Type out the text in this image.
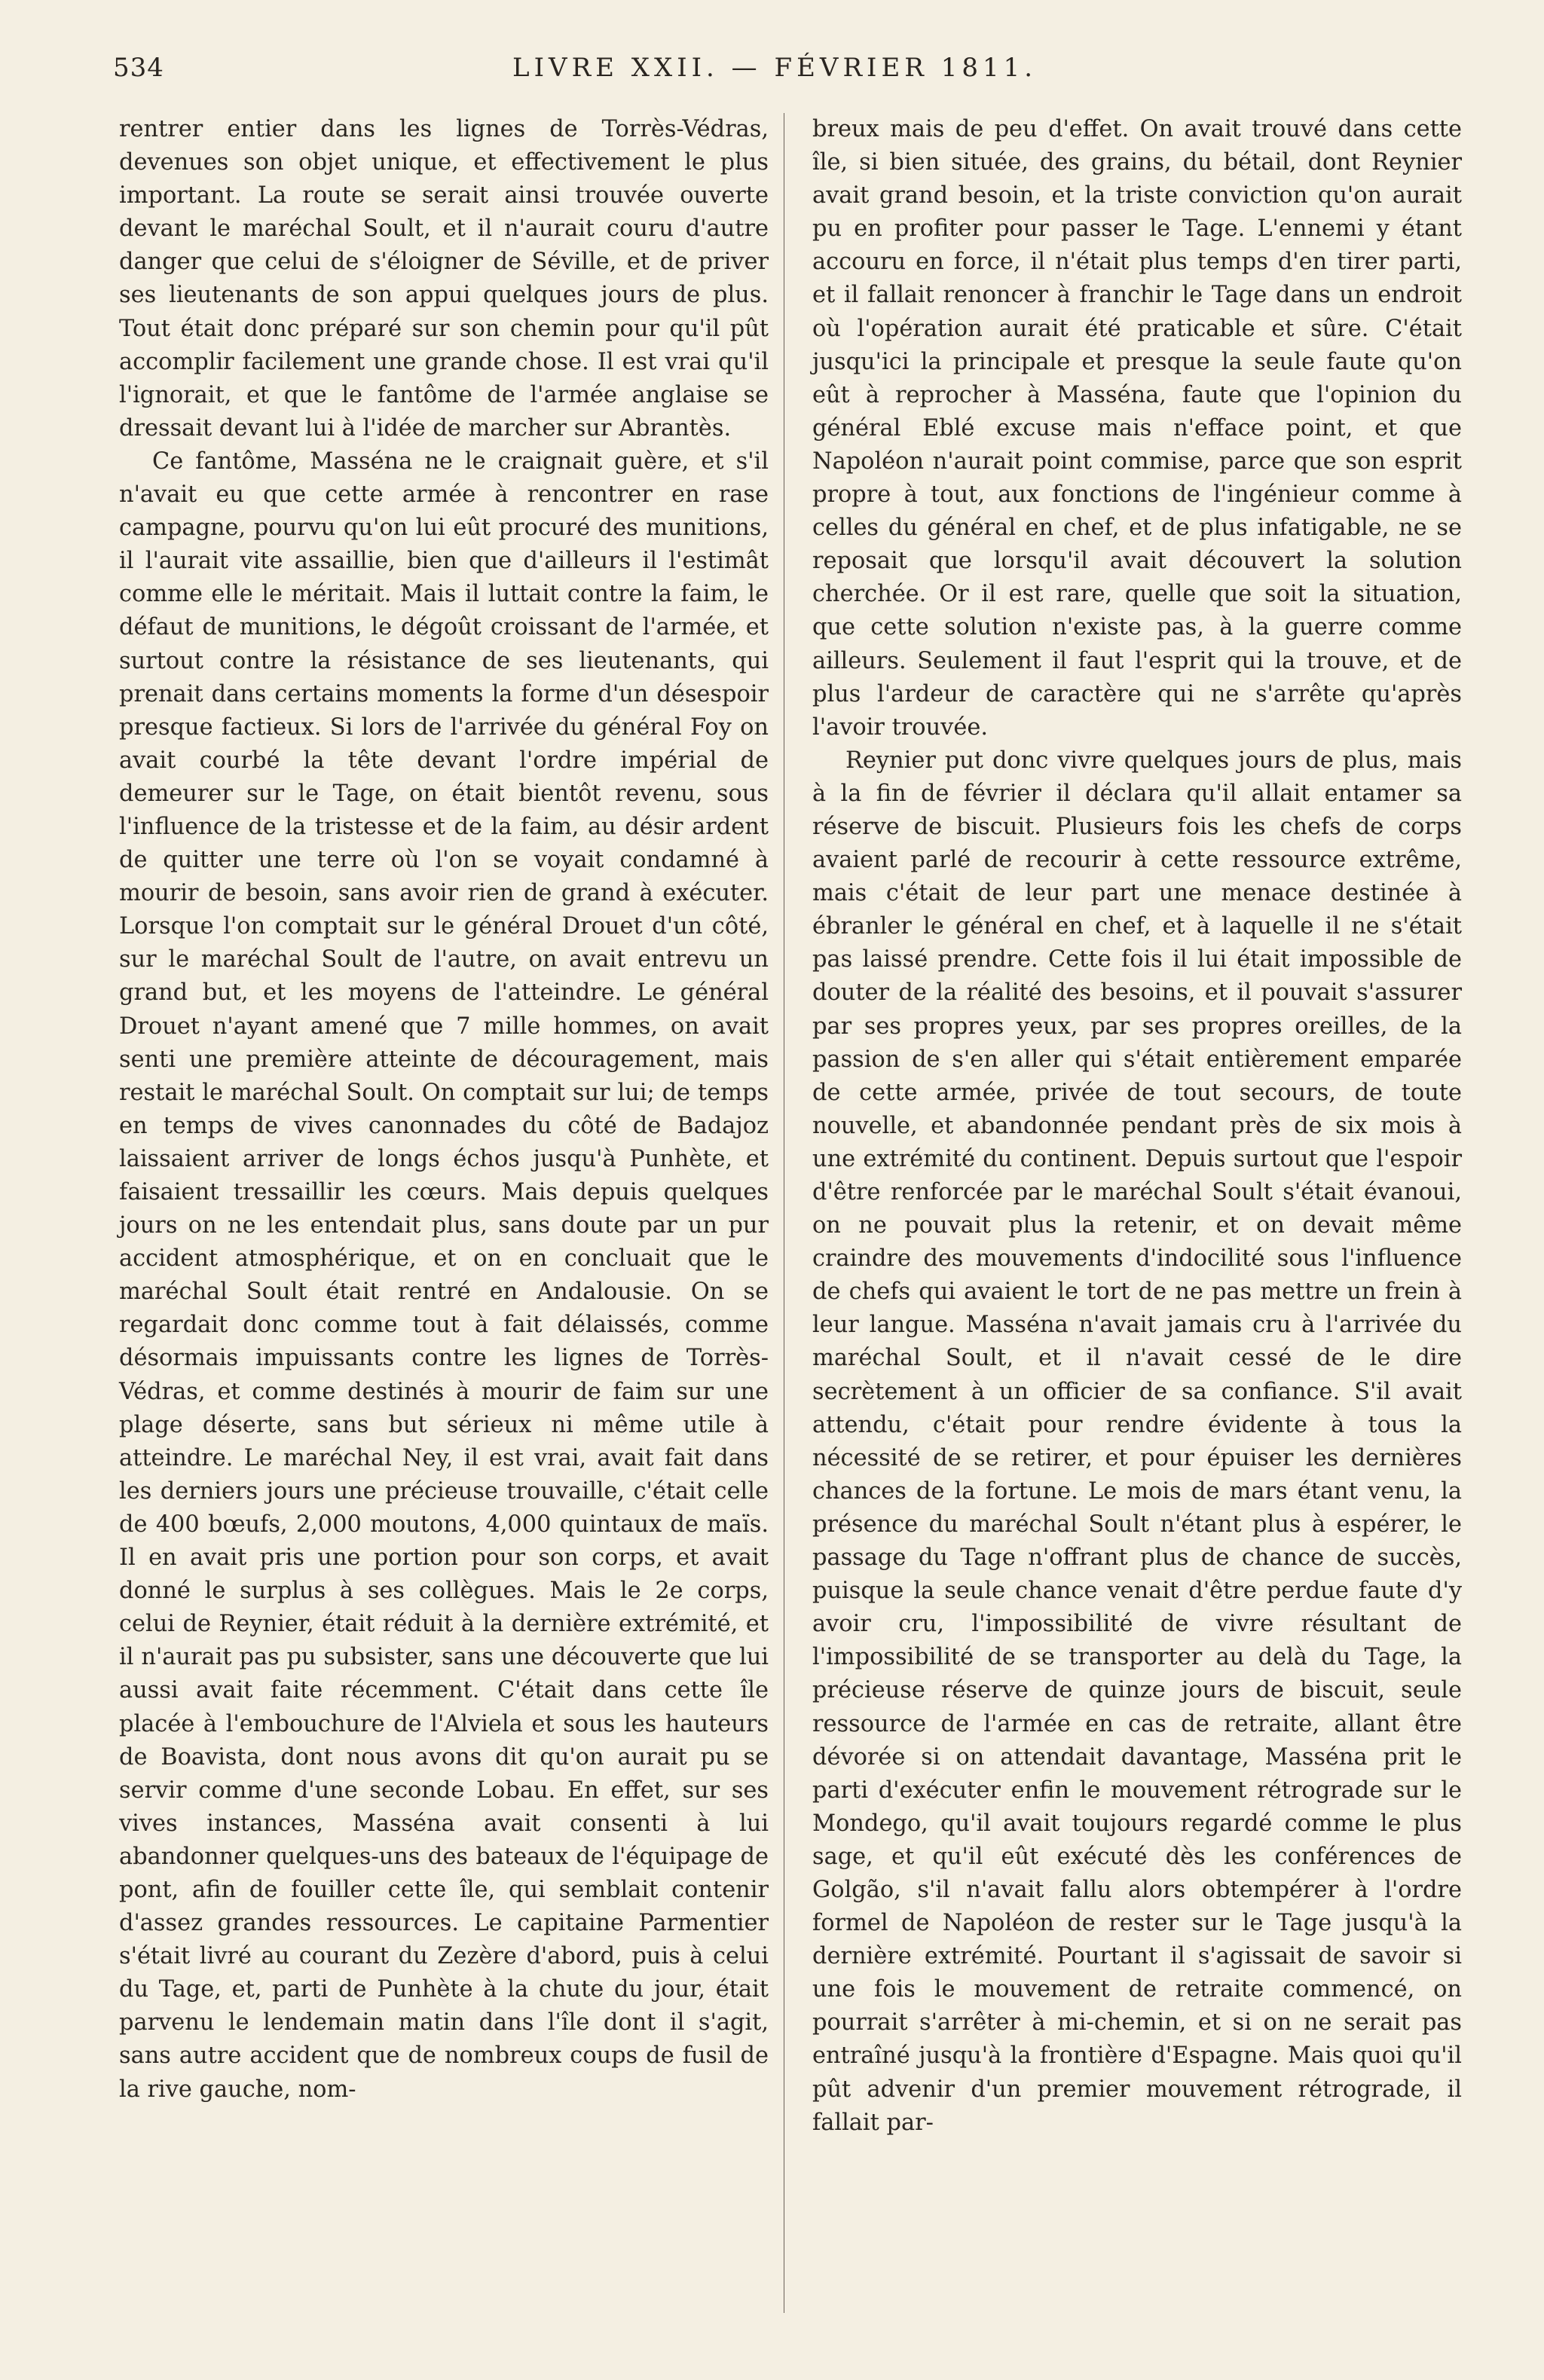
534	LIVRE XXII. — FÉVRIER 1811.

rentrer entier dans les lignes de Torrès-Védras, devenues son objet unique, et effectivement le plus important. La route se serait ainsi trouvée ouverte devant le maréchal Soult, et il n'aurait couru d'autre danger que celui de s'éloigner de Séville, et de priver ses lieutenants de son appui quelques jours de plus. Tout était donc préparé sur son chemin pour qu'il pût accomplir facilement une grande chose. Il est vrai qu'il l'ignorait, et que le fantôme de l'armée anglaise se dressait devant lui à l'idée de marcher sur Abrantès.

Ce fantôme, Masséna ne le craignait guère, et s'il n'avait eu que cette armée à rencontrer en rase campagne, pourvu qu'on lui eût procuré des munitions, il l'aurait vite assaillie, bien que d'ailleurs il l'estimât comme elle le méritait. Mais il luttait contre la faim, le défaut de munitions, le dégoût croissant de l'armée, et surtout contre la résistance de ses lieutenants, qui prenait dans certains moments la forme d'un désespoir presque factieux. Si lors de l'arrivée du général Foy on avait courbé la tête devant l'ordre impérial de demeurer sur le Tage, on était bientôt revenu, sous l'influence de la tristesse et de la faim, au désir ardent de quitter une terre où l'on se voyait condamné à mourir de besoin, sans avoir rien de grand à exécuter. Lorsque l'on comptait sur le général Drouet d'un côté, sur le maréchal Soult de l'autre, on avait entrevu un grand but, et les moyens de l'atteindre. Le général Drouet n'ayant amené que 7 mille hommes, on avait senti une première atteinte de découragement, mais restait le maréchal Soult. On comptait sur lui; de temps en temps de vives canonnades du côté de Badajoz laissaient arriver de longs échos jusqu'à Punhète, et faisaient tressaillir les cœurs. Mais depuis quelques jours on ne les entendait plus, sans doute par un pur accident atmosphérique, et on en concluait que le maréchal Soult était rentré en Andalousie. On se regardait donc comme tout à fait délaissés, comme désormais impuissants contre les lignes de Torrès-Védras, et comme destinés à mourir de faim sur une plage déserte, sans but sérieux ni même utile à atteindre. Le maréchal Ney, il est vrai, avait fait dans les derniers jours une précieuse trouvaille, c'était celle de 400 bœufs, 2,000 moutons, 4,000 quintaux de maïs. Il en avait pris une portion pour son corps, et avait donné le surplus à ses collègues. Mais le 2e corps, celui de Reynier, était réduit à la dernière extrémité, et il n'aurait pas pu subsister, sans une découverte que lui aussi avait faite récemment. C'était dans cette île placée à l'embouchure de l'Alviela et sous les hauteurs de Boavista, dont nous avons dit qu'on aurait pu se servir comme d'une seconde Lobau. En effet, sur ses vives instances, Masséna avait consenti à lui abandonner quelques-uns des bateaux de l'équipage de pont, afin de fouiller cette île, qui semblait contenir d'assez grandes ressources. Le capitaine Parmentier s'était livré au courant du Zezère d'abord, puis à celui du Tage, et, parti de Punhète à la chute du jour, était parvenu le lendemain matin dans l'île dont il s'agit, sans autre accident que de nombreux coups de fusil de la rive gauche, nom-

breux mais de peu d'effet. On avait trouvé dans cette île, si bien située, des grains, du bétail, dont Reynier avait grand besoin, et la triste conviction qu'on aurait pu en profiter pour passer le Tage. L'ennemi y étant accouru en force, il n'était plus temps d'en tirer parti, et il fallait renoncer à franchir le Tage dans un endroit où l'opération aurait été praticable et sûre. C'était jusqu'ici la principale et presque la seule faute qu'on eût à reprocher à Masséna, faute que l'opinion du général Eblé excuse mais n'efface point, et que Napoléon n'aurait point commise, parce que son esprit propre à tout, aux fonctions de l'ingénieur comme à celles du général en chef, et de plus infatigable, ne se reposait que lorsqu'il avait découvert la solution cherchée. Or il est rare, quelle que soit la situation, que cette solution n'existe pas, à la guerre comme ailleurs. Seulement il faut l'esprit qui la trouve, et de plus l'ardeur de caractère qui ne s'arrête qu'après l'avoir trouvée.

Reynier put donc vivre quelques jours de plus, mais à la fin de février il déclara qu'il allait entamer sa réserve de biscuit. Plusieurs fois les chefs de corps avaient parlé de recourir à cette ressource extrême, mais c'était de leur part une menace destinée à ébranler le général en chef, et à laquelle il ne s'était pas laissé prendre. Cette fois il lui était impossible de douter de la réalité des besoins, et il pouvait s'assurer par ses propres yeux, par ses propres oreilles, de la passion de s'en aller qui s'était entièrement emparée de cette armée, privée de tout secours, de toute nouvelle, et abandonnée pendant près de six mois à une extrémité du continent. Depuis surtout que l'espoir d'être renforcée par le maréchal Soult s'était évanoui, on ne pouvait plus la retenir, et on devait même craindre des mouvements d'indocilité sous l'influence de chefs qui avaient le tort de ne pas mettre un frein à leur langue. Masséna n'avait jamais cru à l'arrivée du maréchal Soult, et il n'avait cessé de le dire secrètement à un officier de sa confiance. S'il avait attendu, c'était pour rendre évidente à tous la nécessité de se retirer, et pour épuiser les dernières chances de la fortune. Le mois de mars étant venu, la présence du maréchal Soult n'étant plus à espérer, le passage du Tage n'offrant plus de chance de succès, puisque la seule chance venait d'être perdue faute d'y avoir cru, l'impossibilité de vivre résultant de l'impossibilité de se transporter au delà du Tage, la précieuse réserve de quinze jours de biscuit, seule ressource de l'armée en cas de retraite, allant être dévorée si on attendait davantage, Masséna prit le parti d'exécuter enfin le mouvement rétrograde sur le Mondego, qu'il avait toujours regardé comme le plus sage, et qu'il eût exécuté dès les conférences de Golgão, s'il n'avait fallu alors obtempérer à l'ordre formel de Napoléon de rester sur le Tage jusqu'à la dernière extrémité. Pourtant il s'agissait de savoir si une fois le mouvement de retraite commencé, on pourrait s'arrêter à mi-chemin, et si on ne serait pas entraîné jusqu'à la frontière d'Espagne. Mais quoi qu'il pût advenir d'un premier mouvement rétrograde, il fallait par-
